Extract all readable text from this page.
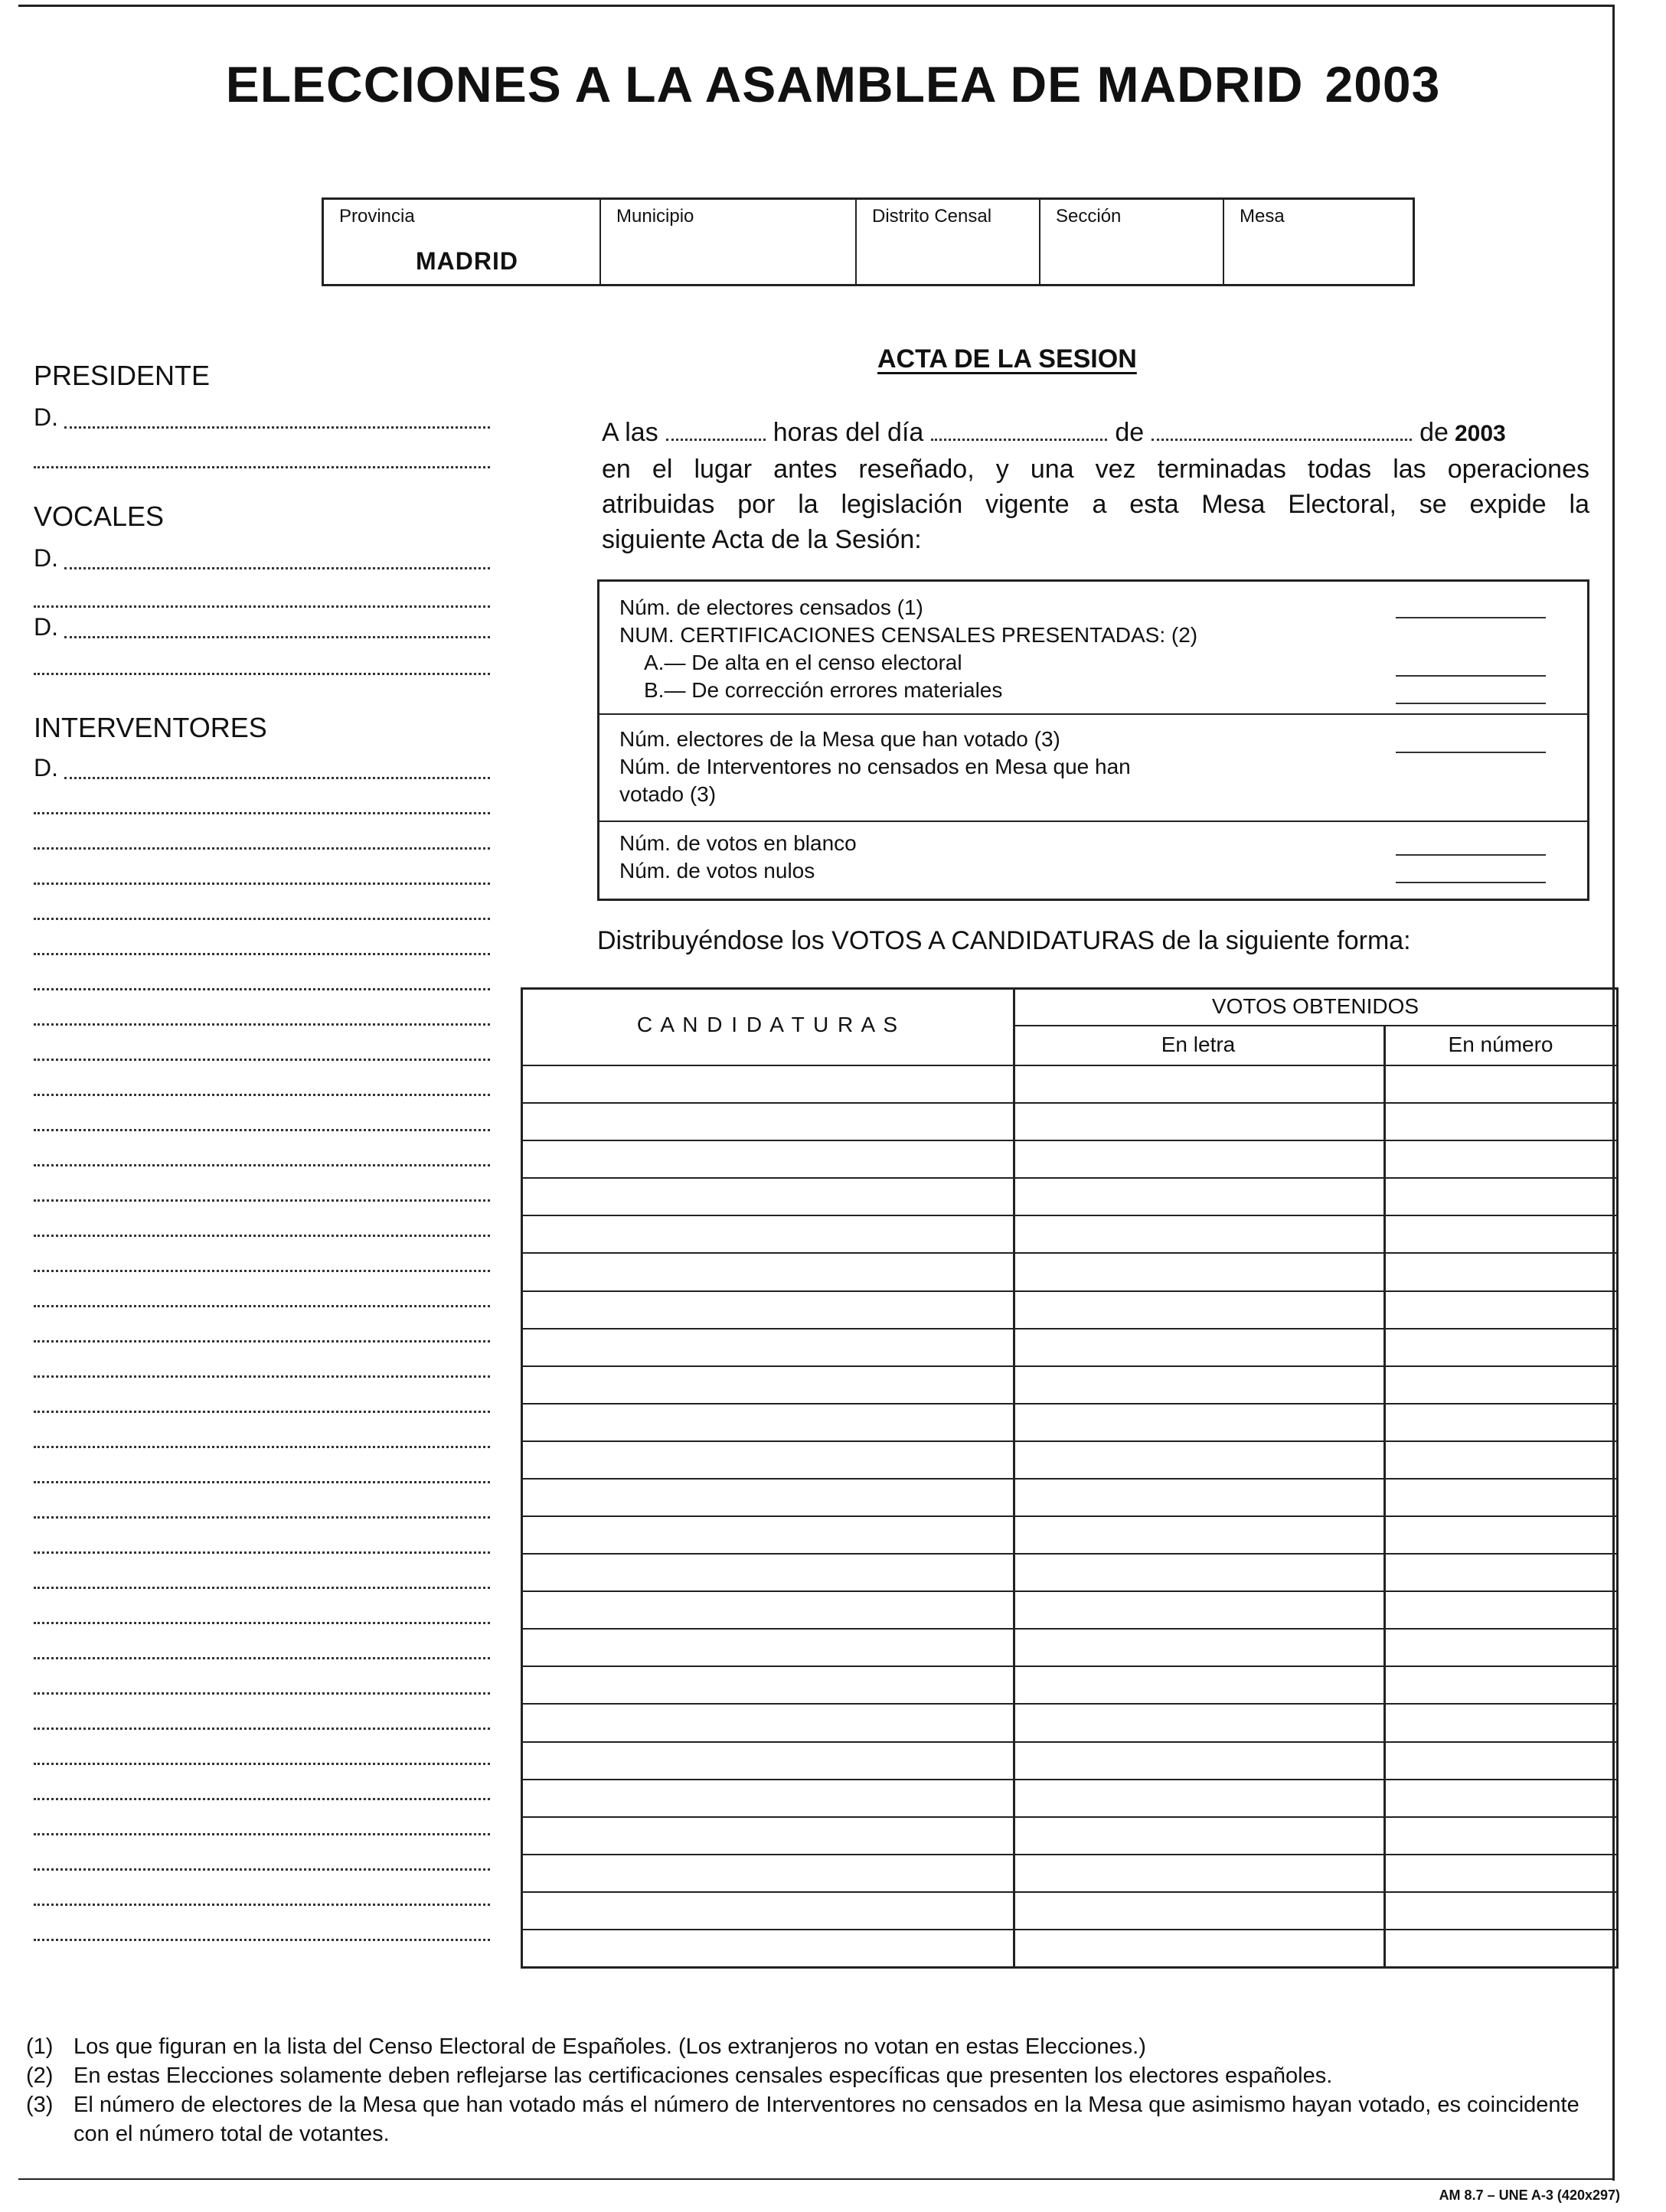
ELECCIONES A LA ASAMBLEA DE MADRID 2003
Provincia
MADRID
Municipio	Distrito Censal	Sección	Mesa
PRESIDENTE
D.
VOCALES
D.
D.
INTERVENTORES
D.
ACTA DE LA SESION
A las	horas del día	de	de 2003
en el lugar antes reseñado, y una vez terminadas todas las operaciones
atribuidas por la legislación vigente a esta Mesa Electoral, se expide la
siguiente Acta de la Sesión:
Núm. de electores censados (1)
NUM. CERTIFICACIONES CENSALES PRESENTADAS: (2)
A.— De alta en el censo electoral
B.— De corrección errores materiales
Núm. electores de la Mesa que han votado (3)
Núm. de Interventores no censados en Mesa que han
votado (3)
Núm. de votos en blanco
Núm. de votos nulos
Distribuyéndose los VOTOS A CANDIDATURAS de la siguiente forma:
C A N D I D A T U R A S
VOTOS OBTENIDOS
En letra	En número
(1) Los que figuran en la lista del Censo Electoral de Españoles. (Los extranjeros no votan en estas Elecciones.)
(2) En estas Elecciones solamente deben reflejarse las certificaciones censales específicas que presenten los electores españoles.
(3) El número de electores de la Mesa que han votado más el número de Interventores no censados en la Mesa que asimismo hayan votado, es coincidente con el número total de votantes.
AM 8.7 – UNE A-3 (420x297)
